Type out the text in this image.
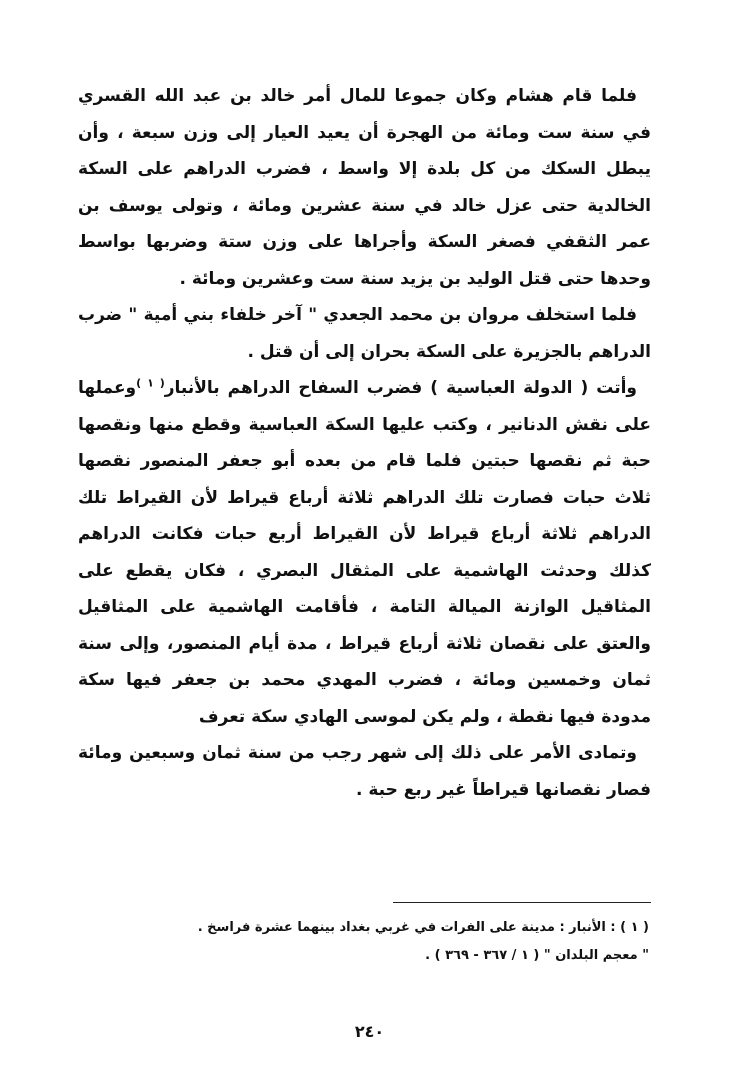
فلما قام هشام وكان جموعا للمال أمر خالد بن عبد الله القسري في سنة ست ومائة من الهجرة أن يعيد العيار إلى وزن سبعة ، وأن يبطل السكك من كل بلدة إلا واسط ، فضرب الدراهم على السكة الخالدية حتى عزل خالد في سنة عشرين ومائة ، وتولى يوسف بن عمر الثقفي فصغر السكة وأجراها على وزن ستة وضربها بواسط وحدها حتى قتل الوليد بن يزيد سنة ست وعشرين ومائة .

فلما استخلف مروان بن محمد الجعدي " آخر خلفاء بني أمية " ضرب الدراهم بالجزيرة على السكة بحران إلى أن قتل .

وأتت ( الدولة العباسية ) فضرب السفاح الدراهم بالأنبار$^{( ١ )}$وعملها على نقش الدنانير ، وكتب عليها السكة العباسية وقطع منها ونقصها حبة ثم نقصها حبتين فلما قام من بعده أبو جعفر المنصور نقصها ثلاث حبات فصارت تلك الدراهم ثلاثة أرباع قيراط لأن القيراط تلك الدراهم ثلاثة أرباع قيراط لأن القيراط أربع حبات فكانت الدراهم كذلك وحدثت الهاشمية على المثقال البصري ، فكان يقطع على المثاقيل الوازنة الميالة التامة ، فأقامت الهاشمية على المثاقيل والعتق على نقصان ثلاثة أرباع قيراط ، مدة أيام المنصور، وإلى سنة ثمان وخمسين ومائة ، فضرب المهدي محمد بن جعفر فيها سكة مدودة فيها نقطة ، ولم يكن لموسى الهادي سكة تعرف

وتمادى الأمر على ذلك إلى شهر رجب من سنة ثمان وسبعين ومائة فصار نقصانها قيراطاً غير ربع حبة .

( ١ ) : الأنبار : مدينة على الفرات في غربي بغداد بينهما عشرة فراسخ .

" معجم البلدان " ( ١ / ٣٦٧ - ٣٦٩ ) .

٢٤٠
